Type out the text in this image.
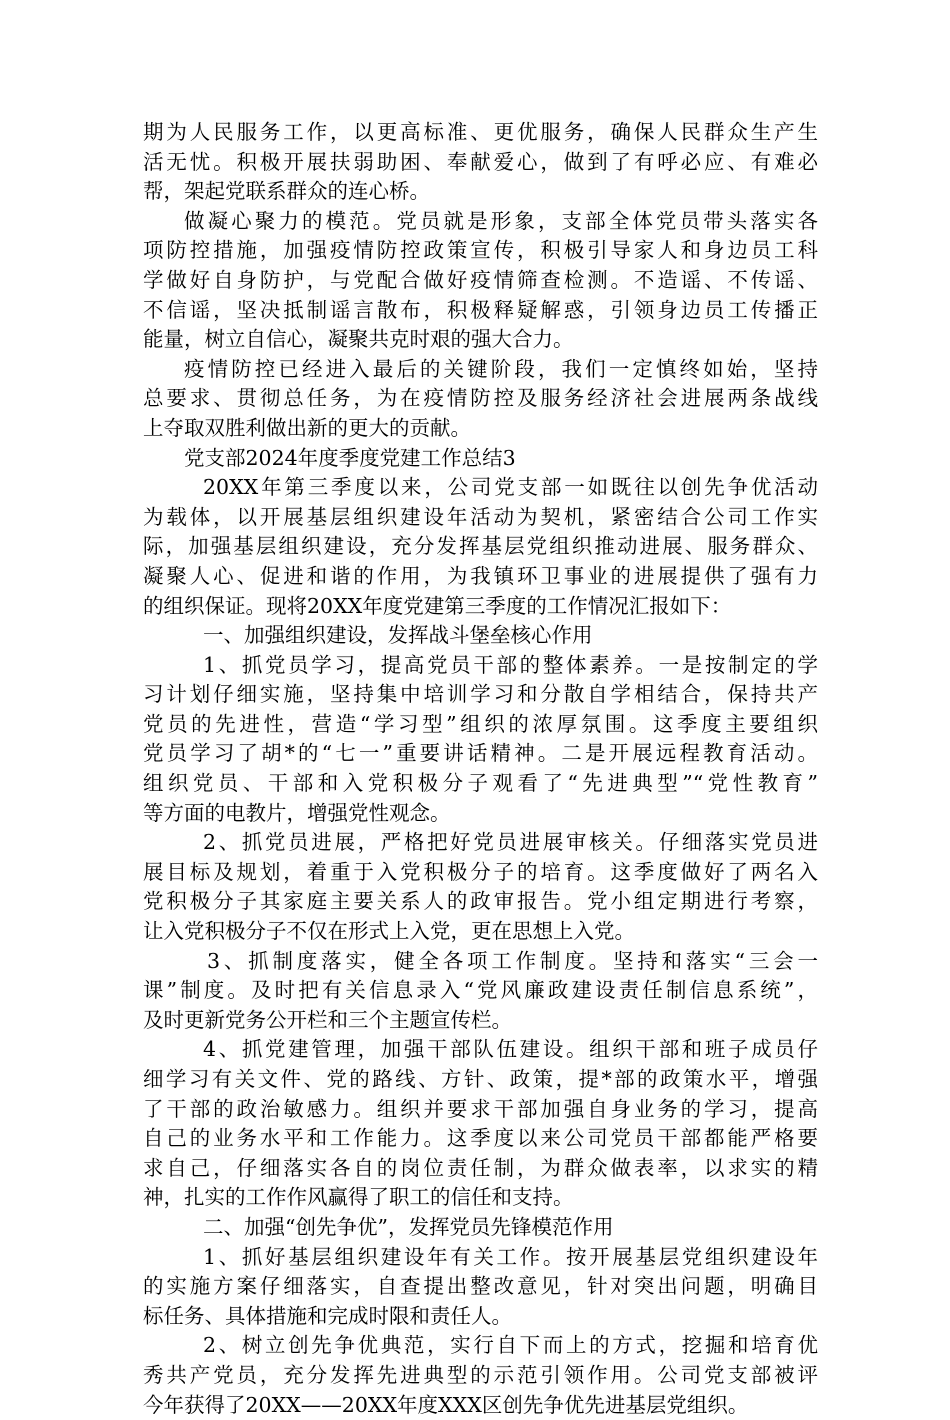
期为人民服务工作，以更高标准、更优服务，确保人民群众生产生
活无忧。积极开展扶弱助困、奉献爱心，做到了有呼必应、有难必
帮，架起党联系群众的连心桥。
做凝心聚力的模范。党员就是形象，支部全体党员带头落实各
项防控措施，加强疫情防控政策宣传，积极引导家人和身边员工科
学做好自身防护，与党配合做好疫情筛查检测。不造谣、不传谣、
不信谣，坚决抵制谣言散布，积极释疑解惑，引领身边员工传播正
能量，树立自信心，凝聚共克时艰的强大合力。
疫情防控已经进入最后的关键阶段，我们一定慎终如始，坚持
总要求、贯彻总任务，为在疫情防控及服务经济社会进展两条战线
上夺取双胜利做出新的更大的贡献。
党支部2024年度季度党建工作总结3
20XX年第三季度以来，公司党支部一如既往以创先争优活动
为载体，以开展基层组织建设年活动为契机，紧密结合公司工作实
际，加强基层组织建设，充分发挥基层党组织推动进展、服务群众、
凝聚人心、促进和谐的作用，为我镇环卫事业的进展提供了强有力
的组织保证。现将20XX年度党建第三季度的工作情况汇报如下：
一、加强组织建设，发挥战斗堡垒核心作用
1、抓党员学习，提高党员干部的整体素养。一是按制定的学
习计划仔细实施，坚持集中培训学习和分散自学相结合，保持共产
党员的先进性，营造“学习型”组织的浓厚氛围。这季度主要组织
党员学习了胡*的“七一”重要讲话精神。二是开展远程教育活动。
组织党员、干部和入党积极分子观看了“先进典型”“党性教育”
等方面的电教片，增强党性观念。
2、抓党员进展，严格把好党员进展审核关。仔细落实党员进
展目标及规划，着重于入党积极分子的培育。这季度做好了两名入
党积极分子其家庭主要关系人的政审报告。党小组定期进行考察，
让入党积极分子不仅在形式上入党，更在思想上入党。
3、抓制度落实，健全各项工作制度。坚持和落实“三会一
课”制度。及时把有关信息录入“党风廉政建设责任制信息系统”，
及时更新党务公开栏和三个主题宣传栏。
4、抓党建管理，加强干部队伍建设。组织干部和班子成员仔
细学习有关文件、党的路线、方针、政策，提*部的政策水平，增强
了干部的政治敏感力。组织并要求干部加强自身业务的学习，提高
自己的业务水平和工作能力。这季度以来公司党员干部都能严格要
求自己，仔细落实各自的岗位责任制，为群众做表率，以求实的精
神，扎实的工作作风赢得了职工的信任和支持。
二、加强“创先争优”，发挥党员先锋模范作用
1、抓好基层组织建设年有关工作。按开展基层党组织建设年
的实施方案仔细落实，自查提出整改意见，针对突出问题，明确目
标任务、具体措施和完成时限和责任人。
2、树立创先争优典范，实行自下而上的方式，挖掘和培育优
秀共产党员，充分发挥先进典型的示范引领作用。公司党支部被评
今年获得了20XX——20XX年度XXX区创先争优先进基层党组织。
